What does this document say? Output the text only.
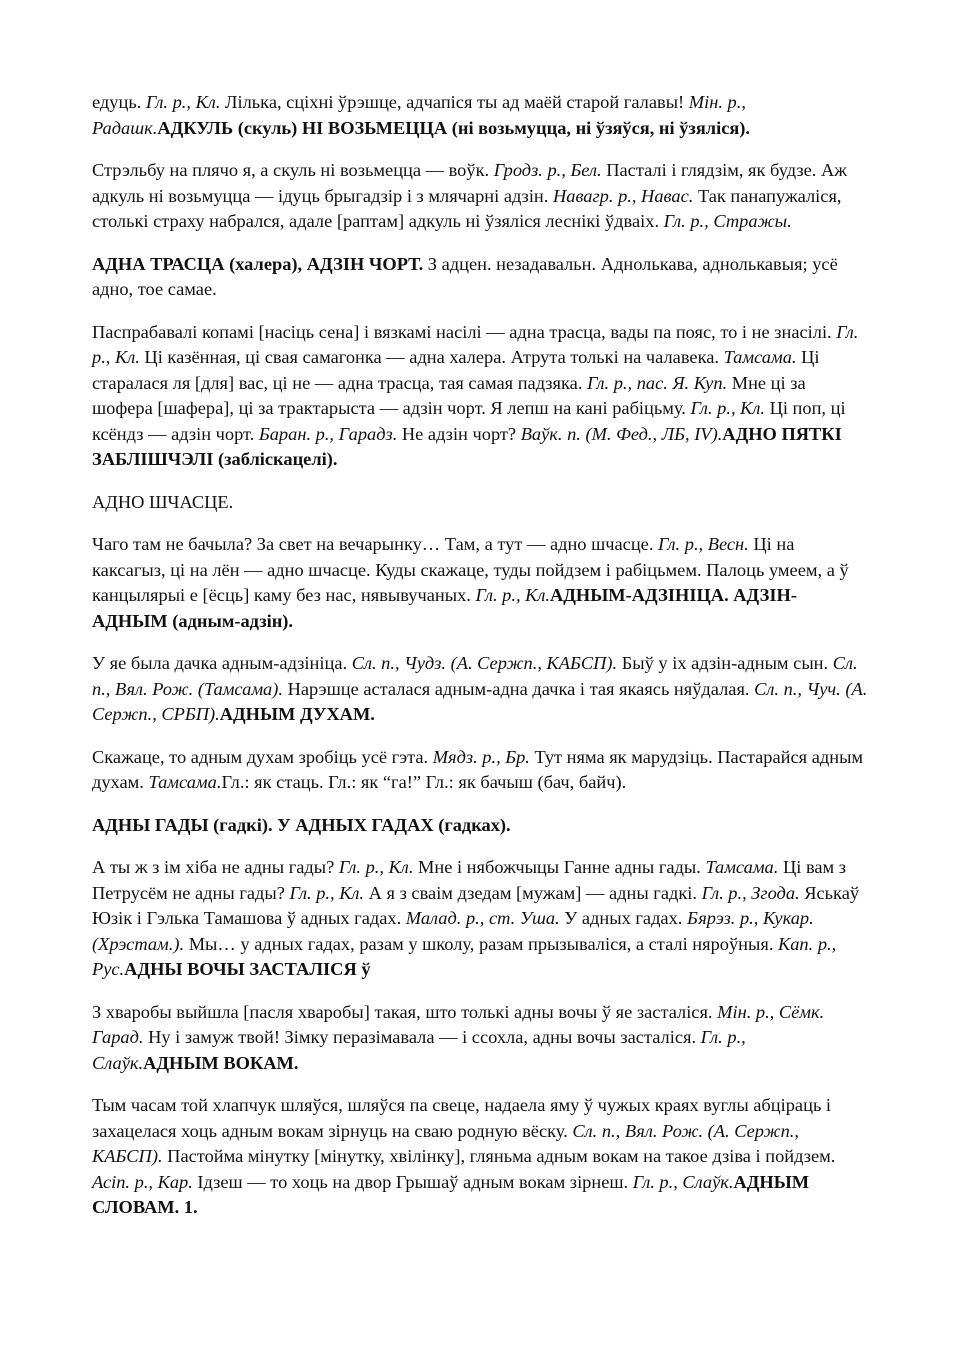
едуць. Гл. р., Кл. Лілька, сціхні ўрэшце, адчапіся ты ад маёй старой галавы! Мін. р., Радашк.АДКУЛЬ (скуль) НІ ВОЗЬМЕЦЦА (ні возьмуцца, ні ўзяўся, ні ўзяліся).

Стрэльбу на плячо я, а скуль ні возьмецца — воўк. Гродз. р., Бел. Пасталі і глядзім, як будзе. Аж адкуль ні возьмуцца — ідуць брыгадзір і з млячарні адзін. Навагр. р., Навас. Так панапужаліся, столькі страху набрался, адале [раптам] адкуль ні ўзяліся леснікі ўдваіх. Гл. р., Стражы.

АДНА ТРАСЦА (халера), АДЗІН ЧОРТ. З адцен. незадавальн. Аднолькава, аднолькавыя; усё адно, тое самае.

Паспрабавалі копамі [насіць сена] і вязкамі насілі — адна трасца, вады па пояс, то і не знасілі. Гл. р., Кл. Ці казённая, ці свая самагонка — адна халера. Атрута толькі на чалавека. Тамсама. Ці старалася ля [для] вас, ці не — адна трасца, тая самая падзяка. Гл. р., пас. Я. Куп. Мне ці за шофера [шафера], ці за трактарыста — адзін чорт. Я лепш на кані рабіцьму. Гл. р., Кл. Ці поп, ці ксёндз — адзін чорт. Баран. р., Гарадз. Не адзін чорт? Ваўк. п. (М. Фед., ЛБ, IV).АДНО ПЯТКІ ЗАБЛІШЧЭЛІ (заблiскацелі).

АДНО ШЧАСЦЕ.

Чаго там не бачыла? За свет на вечарынку… Там, а тут — адно шчасце. Гл. р., Весн. Ці на каксагыз, ці на лён — адно шчасце. Куды скажаце, туды пойдзем і рабіцьмем. Палоць умеем, а ў канцылярыі е [ёсць] каму без нас, нявывучаных. Гл. р., Кл.АДНЫМ-АДЗІНІЦА. АДЗІН-АДНЫМ (адным-адзін).

У яе была дачка адным-адзініца. Сл. п., Чудз. (А. Сержп., КАБСП). Быў у іх адзін-адным сын. Сл. п., Вял. Рож. (Тамсама). Нарэшце асталася адным-адна дачка і тая якаясь няўдалая. Сл. п., Чуч. (А. Сержп., СРБП).АДНЫМ ДУХАМ.

Скажаце, то адным духам зробіць усё гэта. Мядз. р., Бр. Тут няма як марудзіць. Пастарайся адным духам. Тамсама.Гл.: як стаць. Гл.: як “га!” Гл.: як бачыш (бач, байч).

АДНЫ ГАДЫ (гадкі). У АДНЫХ ГАДАХ (гадках).

А ты ж з ім хіба не адны гады? Гл. р., Кл. Мне і нябожчыцы Ганне адны гады. Тамсама. Ці вам з Петрусём не адны гады? Гл. р., Кл. А я з сваім дзедам [мужам] — адны гадкі. Гл. р., Згода. Яськаў Юзік і Гэлька Тамашова ў адных гадах. Малад. р., ст. Уша. У адных гадах. Бярэз. р., Кукар. (Хрэстам.). Мы… у адных гадах, разам у школу, разам прызываліся, а сталі няроўныя. Кап. р., Рус.АДНЫ ВОЧЫ ЗАСТАЛІСЯ ў

З хваробы выйшла [пасля хваробы] такая, што толькі адны вочы ў яе засталіся. Мін. р., Сёмк. Гарад. Ну і замуж твой! Зімку перазімавала — і ссохла, адны вочы засталіся. Гл. р., Слаўк.АДНЫМ ВОКАМ.

Тым часам той хлапчук шляўся, шляўся па свеце, надаела яму ў чужых краях вуглы абціраць і захацелася хоць адным вокам зірнуць на сваю родную вёску. Сл. п., Вял. Рож. (А. Сержп., КАБСП). Пастойма мінутку [мінутку, хвілінку], гляньма адным вокам на такое дзіва і пойдзем. Асіп. р., Кар. Ідзеш — то хоць на двор Грышаў адным вокам зірнеш. Гл. р., Слаўк.АДНЫМ СЛОВАМ. 1.
